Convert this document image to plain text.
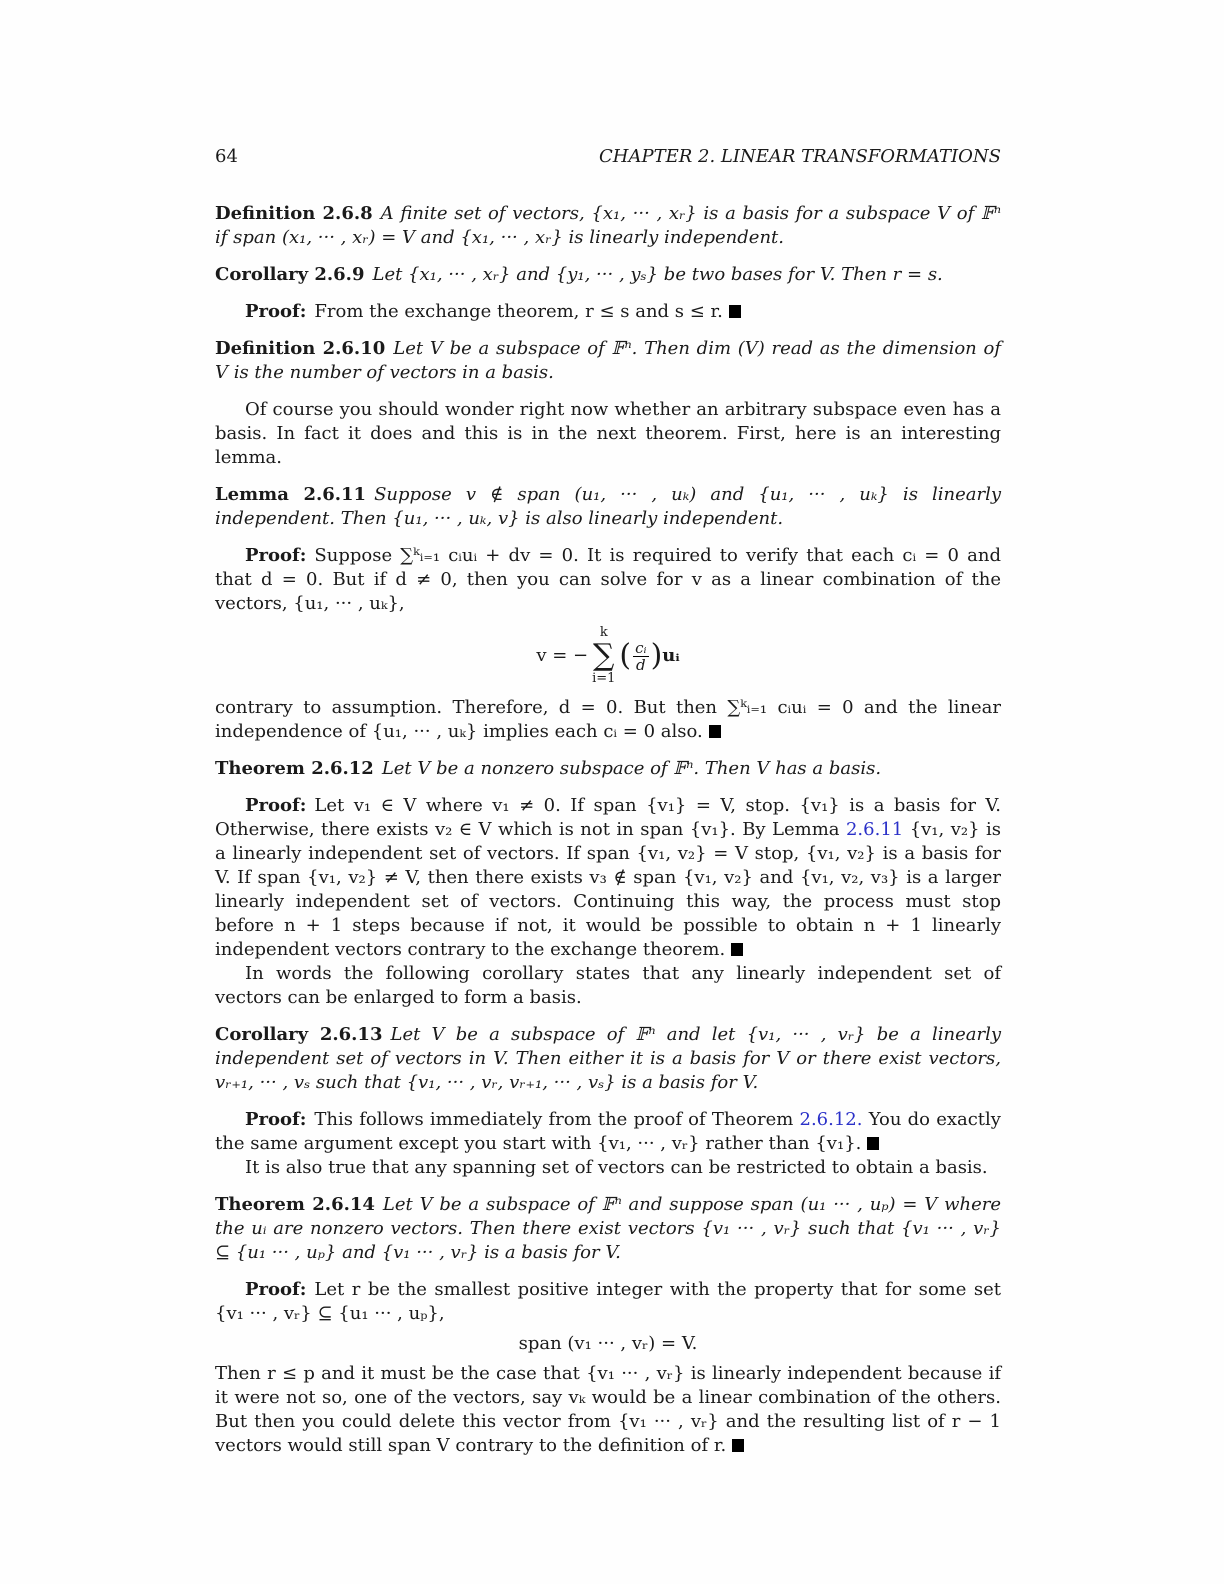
64	CHAPTER 2. LINEAR TRANSFORMATIONS

Definition 2.6.8 A finite set of vectors, {x₁, ··· , xᵣ} is a basis for a subspace V of 𝔽ⁿ if span (x₁, ··· , xᵣ) = V and {x₁, ··· , xᵣ} is linearly independent.

Corollary 2.6.9 Let {x₁, ··· , xᵣ} and {y₁, ··· , yₛ} be two bases for V. Then r = s.

Proof: From the exchange theorem, r ≤ s and s ≤ r.

Definition 2.6.10 Let V be a subspace of 𝔽ⁿ. Then dim (V) read as the dimension of V is the number of vectors in a basis.

Of course you should wonder right now whether an arbitrary subspace even has a basis. In fact it does and this is in the next theorem. First, here is an interesting lemma.

Lemma 2.6.11 Suppose v ∉ span (u₁, ··· , uₖ) and {u₁, ··· , uₖ} is linearly independent. Then {u₁, ··· , uₖ, v} is also linearly independent.

Proof: Suppose ∑ᵏᵢ₌₁ cᵢuᵢ + dv = 0. It is required to verify that each cᵢ = 0 and that d = 0. But if d ≠ 0, then you can solve for v as a linear combination of the vectors, {u₁, ··· , uₖ},

v = −
k
∑
i=1
( $\frac{\text{cᵢ}}{d}$ ) uᵢ

contrary to assumption. Therefore, d = 0. But then ∑ᵏᵢ₌₁ cᵢuᵢ = 0 and the linear independence of {u₁, ··· , uₖ} implies each cᵢ = 0 also.

Theorem 2.6.12 Let V be a nonzero subspace of 𝔽ⁿ. Then V has a basis.

Proof: Let v₁ ∈ V where v₁ ≠ 0. If span {v₁} = V, stop. {v₁} is a basis for V. Otherwise, there exists v₂ ∈ V which is not in span {v₁}. By Lemma 2.6.11 {v₁, v₂} is a linearly independent set of vectors. If span {v₁, v₂} = V stop, {v₁, v₂} is a basis for V. If span {v₁, v₂} ≠ V, then there exists v₃ ∉ span {v₁, v₂} and {v₁, v₂, v₃} is a larger linearly independent set of vectors. Continuing this way, the process must stop before n + 1 steps because if not, it would be possible to obtain n + 1 linearly independent vectors contrary to the exchange theorem.

In words the following corollary states that any linearly independent set of vectors can be enlarged to form a basis.

Corollary 2.6.13 Let V be a subspace of 𝔽ⁿ and let {v₁, ··· , vᵣ} be a linearly independent set of vectors in V. Then either it is a basis for V or there exist vectors, vᵣ₊₁, ··· , vₛ such that {v₁, ··· , vᵣ, vᵣ₊₁, ··· , vₛ} is a basis for V.

Proof: This follows immediately from the proof of Theorem 2.6.12. You do exactly the same argument except you start with {v₁, ··· , vᵣ} rather than {v₁}.

It is also true that any spanning set of vectors can be restricted to obtain a basis.

Theorem 2.6.14 Let V be a subspace of 𝔽ⁿ and suppose span (u₁ ··· , uₚ) = V where the uᵢ are nonzero vectors. Then there exist vectors {v₁ ··· , vᵣ} such that {v₁ ··· , vᵣ} ⊆ {u₁ ··· , uₚ} and {v₁ ··· , vᵣ} is a basis for V.

Proof: Let r be the smallest positive integer with the property that for some set {v₁ ··· , vᵣ} ⊆ {u₁ ··· , uₚ},

span (v₁ ··· , vᵣ) = V.

Then r ≤ p and it must be the case that {v₁ ··· , vᵣ} is linearly independent because if it were not so, one of the vectors, say vₖ would be a linear combination of the others. But then you could delete this vector from {v₁ ··· , vᵣ} and the resulting list of r − 1 vectors would still span V contrary to the definition of r.
